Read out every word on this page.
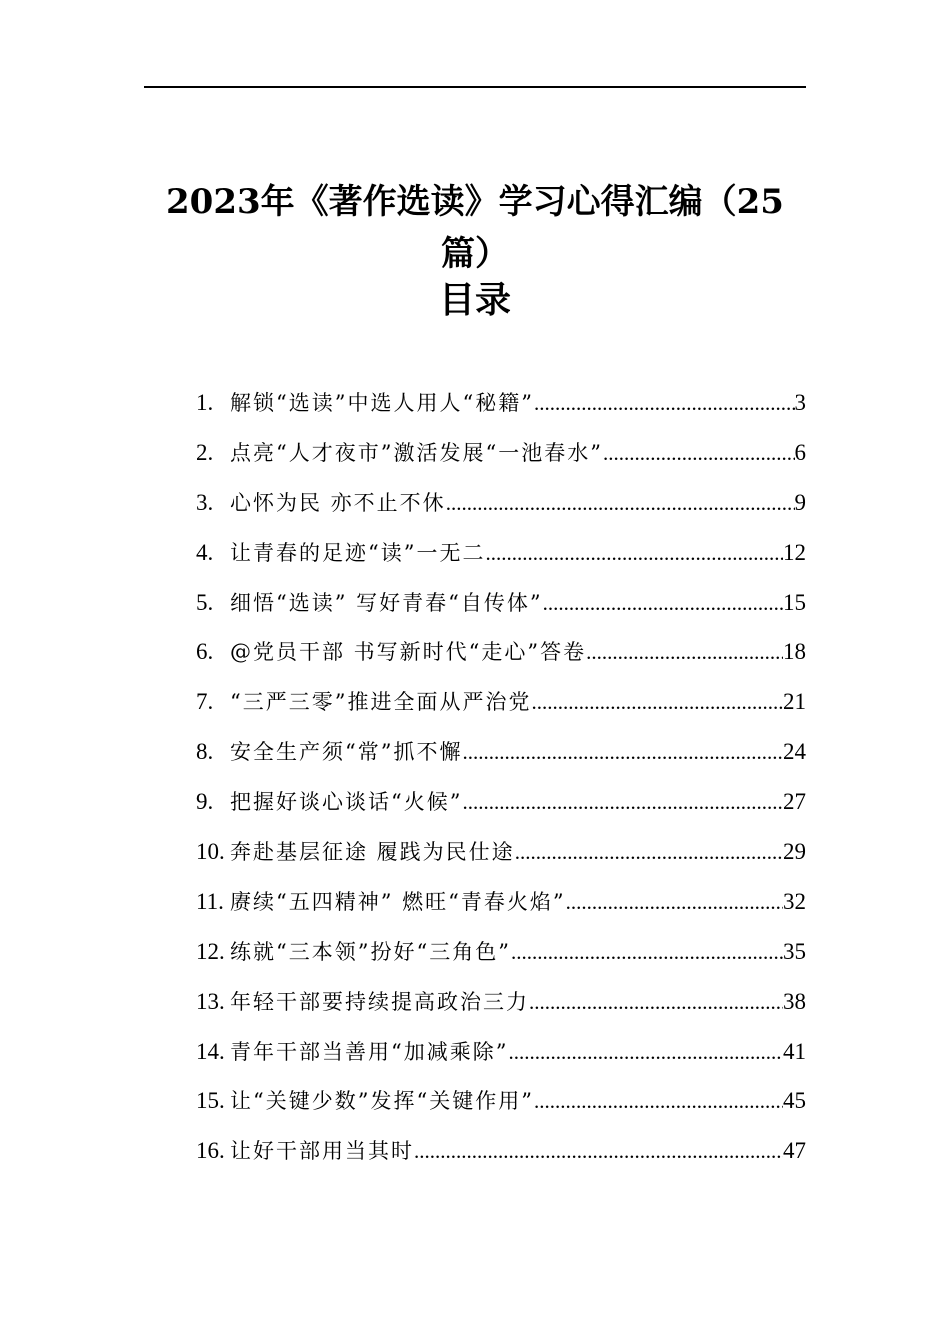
2023年《著作选读》学习心得汇编（25篇）
目录
1. 解锁“选读”中选人用人“秘籍” .....	3
2. 点亮“人才夜市”激活发展“一池春水” .....	6
3. 心怀为民 亦不止不休 .....	9
4. 让青春的足迹“读”一无二 .....	12
5. 细悟“选读” 写好青春“自传体” .....	15
6. @党员干部 书写新时代“走心”答卷 .....	18
7. “三严三零”推进全面从严治党 .....	21
8. 安全生产须“常”抓不懈 .....	24
9. 把握好谈心谈话“火候” .....	27
10. 奔赴基层征途 履践为民仕途 .....	29
11. 赓续“五四精神” 燃旺“青春火焰” .....	32
12. 练就“三本领”扮好“三角色” .....	35
13. 年轻干部要持续提高政治三力 .....	38
14. 青年干部当善用“加减乘除” .....	41
15. 让“关键少数”发挥“关键作用” .....	45
16. 让好干部用当其时 .....	47
